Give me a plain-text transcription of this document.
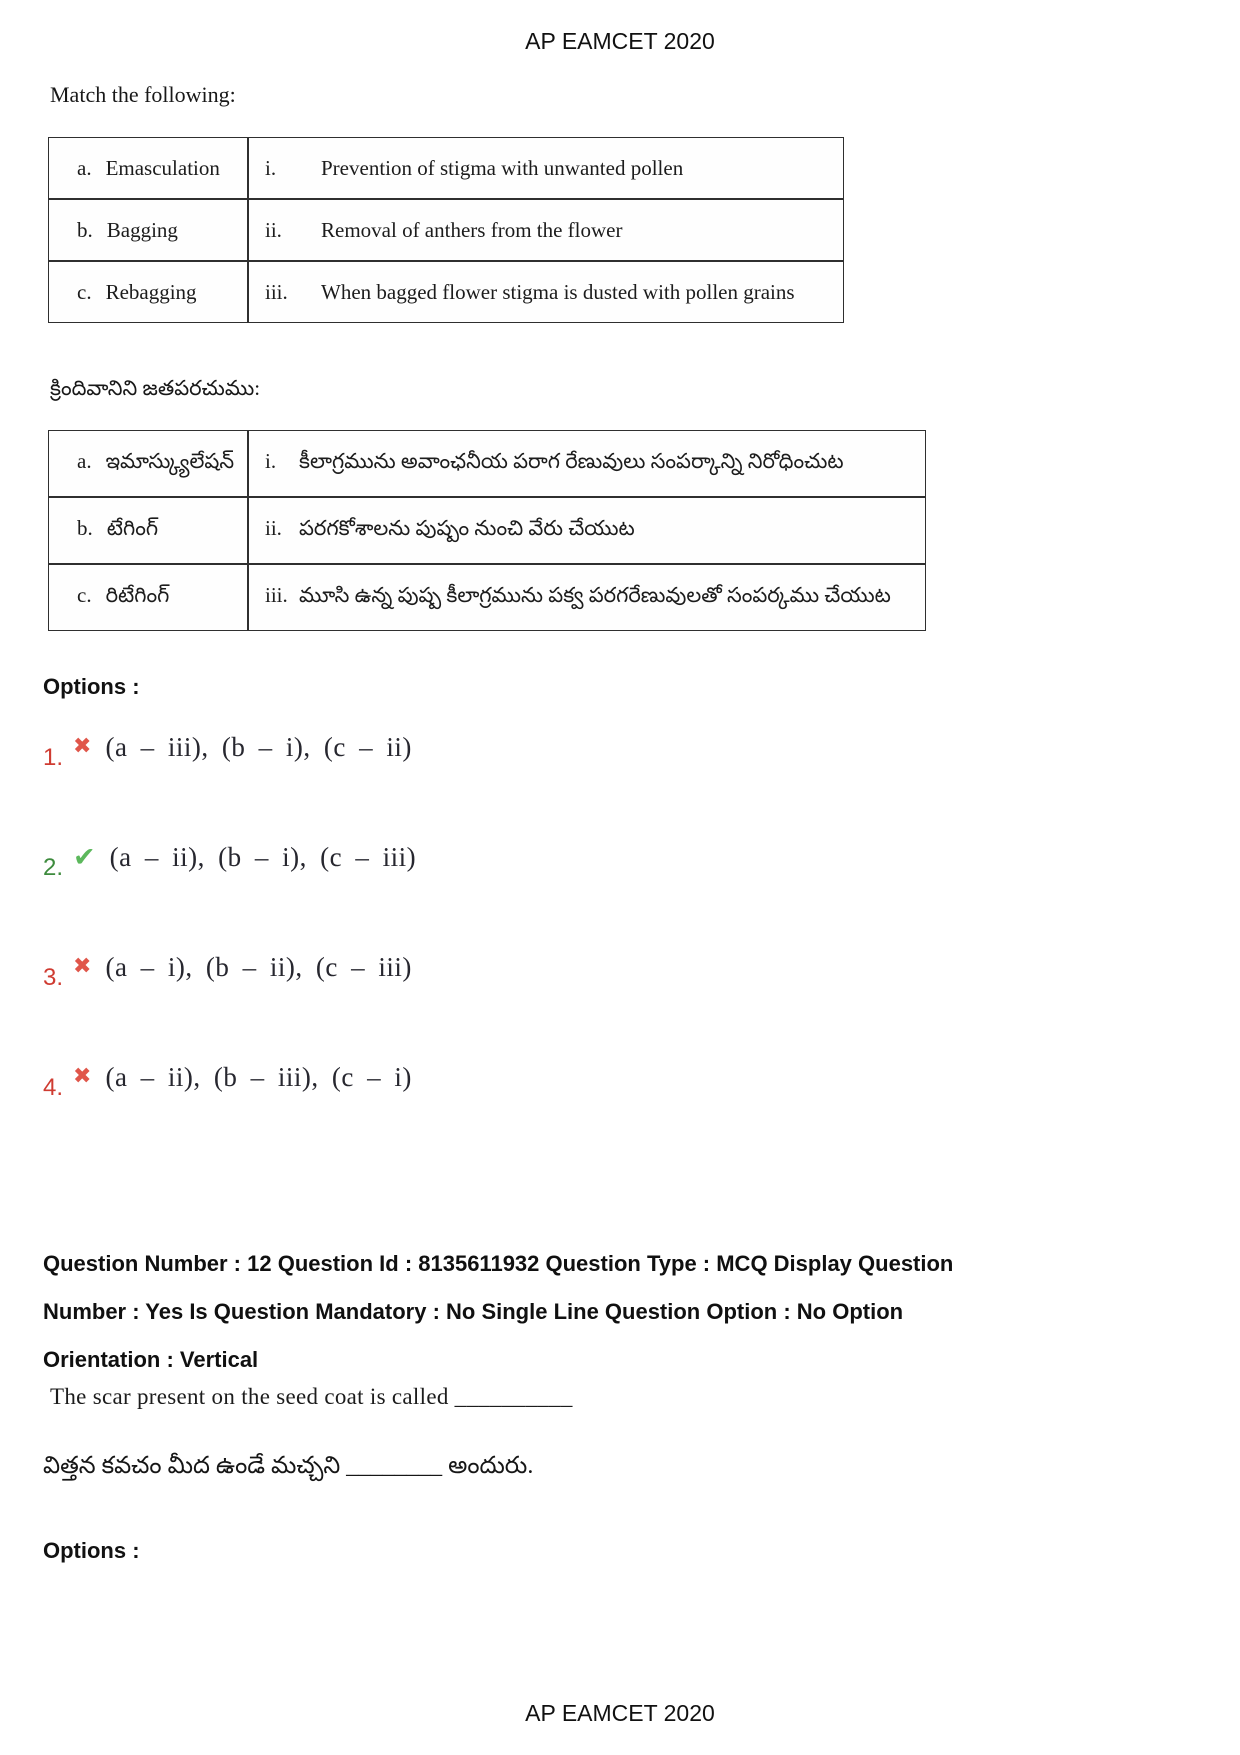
AP EAMCET 2020
Match the following:
a. Emasculation	i. Prevention of stigma with unwanted pollen
b. Bagging	ii. Removal of anthers from the flower
c. Rebagging	iii. When bagged flower stigma is dusted with pollen grains
క్రిందివానిని జతపరచుము:
a. ఇమాస్క్యులేషన్	i. కీలాగ్రమును అవాంఛనీయ పరాగ రేణువులు సంపర్కాన్ని నిరోధించుట
b. టేగింగ్	ii. పరగకోశాలను పుష్పం నుంచి వేరు చేయుట
c. రిటేగింగ్	iii. మూసి ఉన్న పుష్ప కీలాగ్రమును పక్వ పరగరేణువులతో సంపర్కము చేయుట
Options :
1. ✖ (a – iii), (b – i), (c – ii)
2. ✔ (a – ii), (b – i), (c – iii)
3. ✖ (a – i), (b – ii), (c – iii)
4. ✖ (a – ii), (b – iii), (c – i)
Question Number : 12 Question Id : 8135611932 Question Type : MCQ Display Question
Number : Yes Is Question Mandatory : No Single Line Question Option : No Option
Orientation : Vertical
The scar present on the seed coat is called __________
విత్తన కవచం మీద ఉండే మచ్చని ________ అందురు.
Options :
AP EAMCET 2020
